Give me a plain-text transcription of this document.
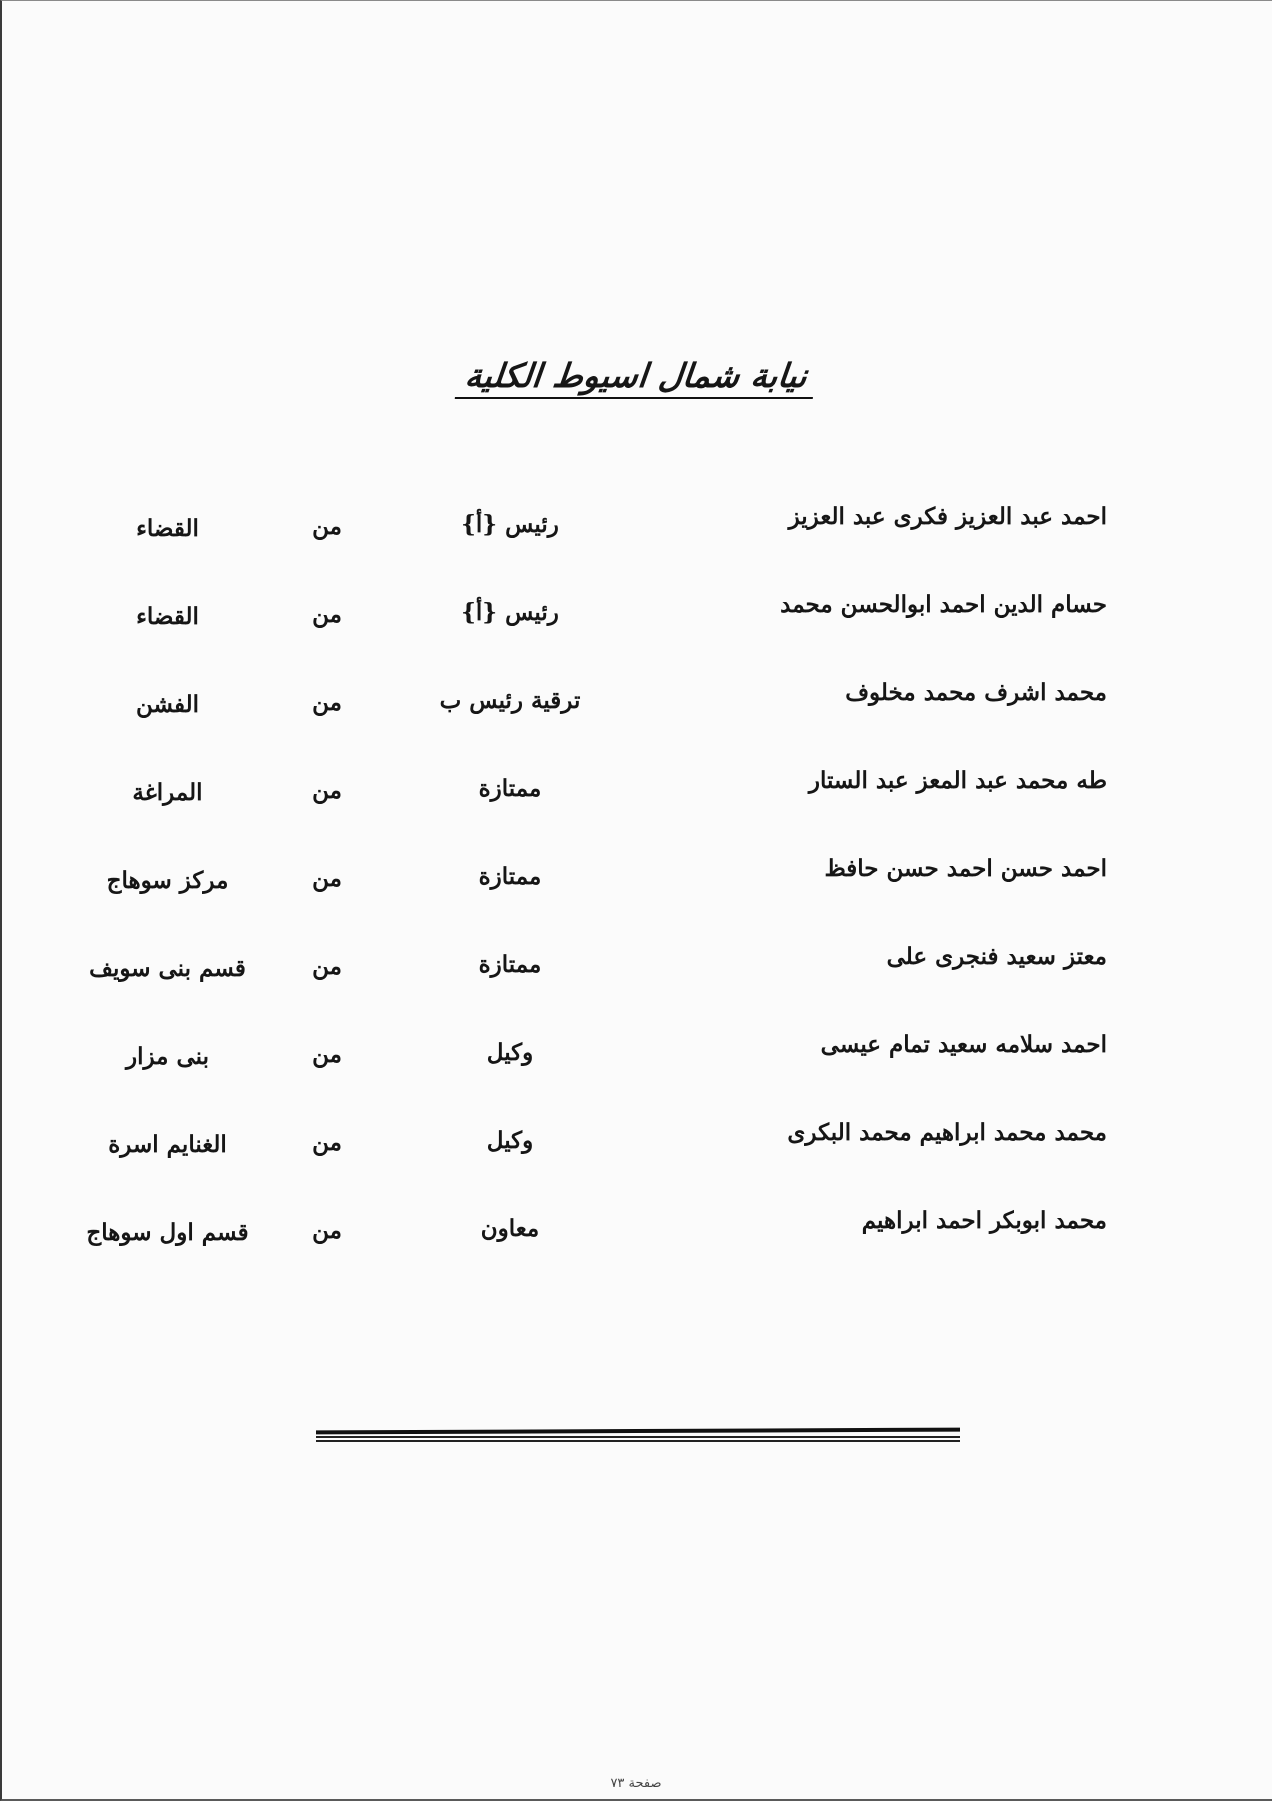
نيابة شمال اسيوط الكلية
احمد عبد العزيز فكرى عبد العزيز
رئيس {أ}
من
القضاء
حسام الدين احمد ابوالحسن محمد
رئيس {أ}
من
القضاء
محمد اشرف محمد مخلوف
ترقية رئيس ب
من
الفشن
طه محمد عبد المعز عبد الستار
ممتازة
من
المراغة
احمد حسن احمد حسن حافظ
ممتازة
من
مركز سوهاج
معتز سعيد فنجرى على
ممتازة
من
قسم بنى سويف
احمد سلامه سعيد تمام عيسى
وكيل
من
بنى مزار
محمد محمد ابراهيم محمد البكرى
وكيل
من
الغنايم اسرة
محمد ابوبكر احمد ابراهيم
معاون
من
قسم اول سوهاج
صفحة ٧٣
